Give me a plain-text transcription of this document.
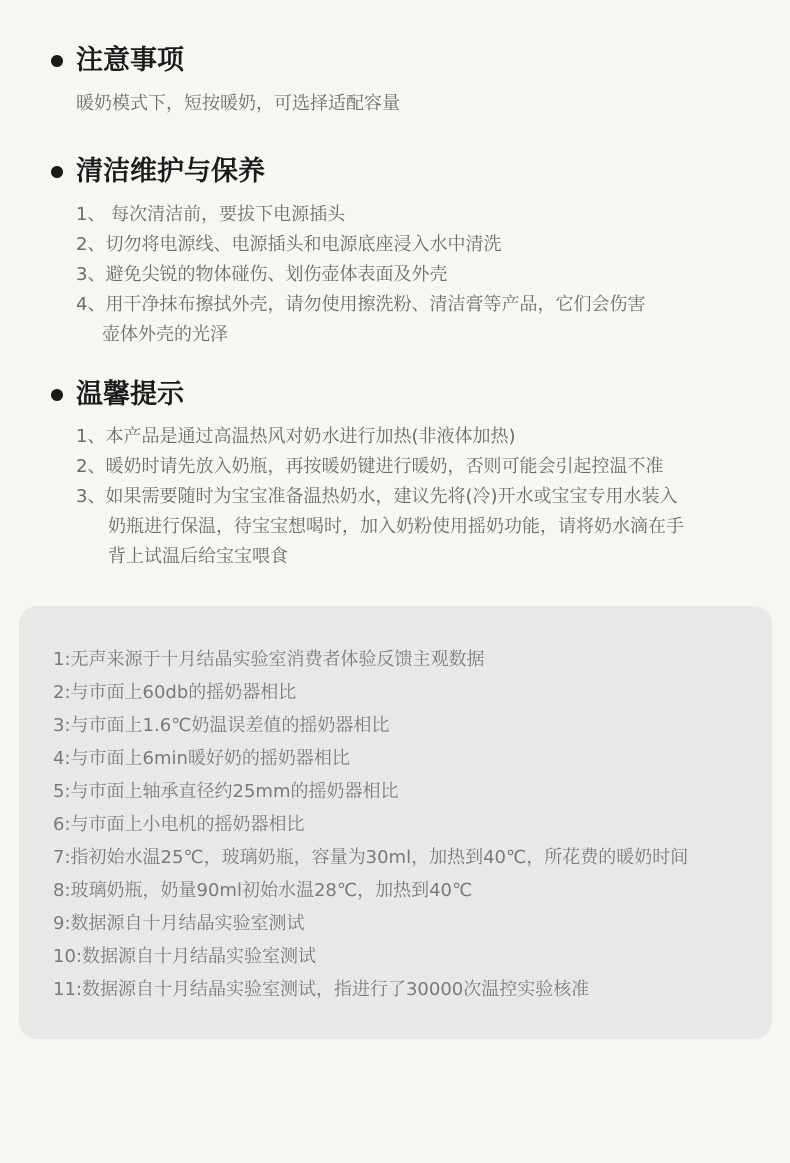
注意事项
暖奶模式下，短按暖奶，可选择适配容量
清洁维护与保养
1、 每次清洁前，要拔下电源插头
2、切勿将电源线、电源插头和电源底座浸入水中清洗
3、避免尖锐的物体碰伤、划伤壶体表面及外壳
4、用干净抹布擦拭外壳，请勿使用擦洗粉、清洁膏等产品，它们会伤害
壶体外壳的光泽
温馨提示
1、本产品是通过高温热风对奶水进行加热(非液体加热)
2、暖奶时请先放入奶瓶，再按暖奶键进行暖奶，否则可能会引起控温不准
3、如果需要随时为宝宝准备温热奶水，建议先将(冷)开水或宝宝专用水装入
奶瓶进行保温，待宝宝想喝时，加入奶粉使用摇奶功能，请将奶水滴在手
背上试温后给宝宝喂食
1:无声来源于十月结晶实验室消费者体验反馈主观数据
2:与市面上60db的摇奶器相比
3:与市面上1.6℃奶温误差值的摇奶器相比
4:与市面上6min暖好奶的摇奶器相比
5:与市面上轴承直径约25mm的摇奶器相比
6:与市面上小电机的摇奶器相比
7:指初始水温25℃，玻璃奶瓶，容量为30ml，加热到40℃，所花费的暖奶时间
8:玻璃奶瓶，奶量90ml初始水温28℃，加热到40℃
9:数据源自十月结晶实验室测试
10:数据源自十月结晶实验室测试
11:数据源自十月结晶实验室测试，指进行了30000次温控实验核准
